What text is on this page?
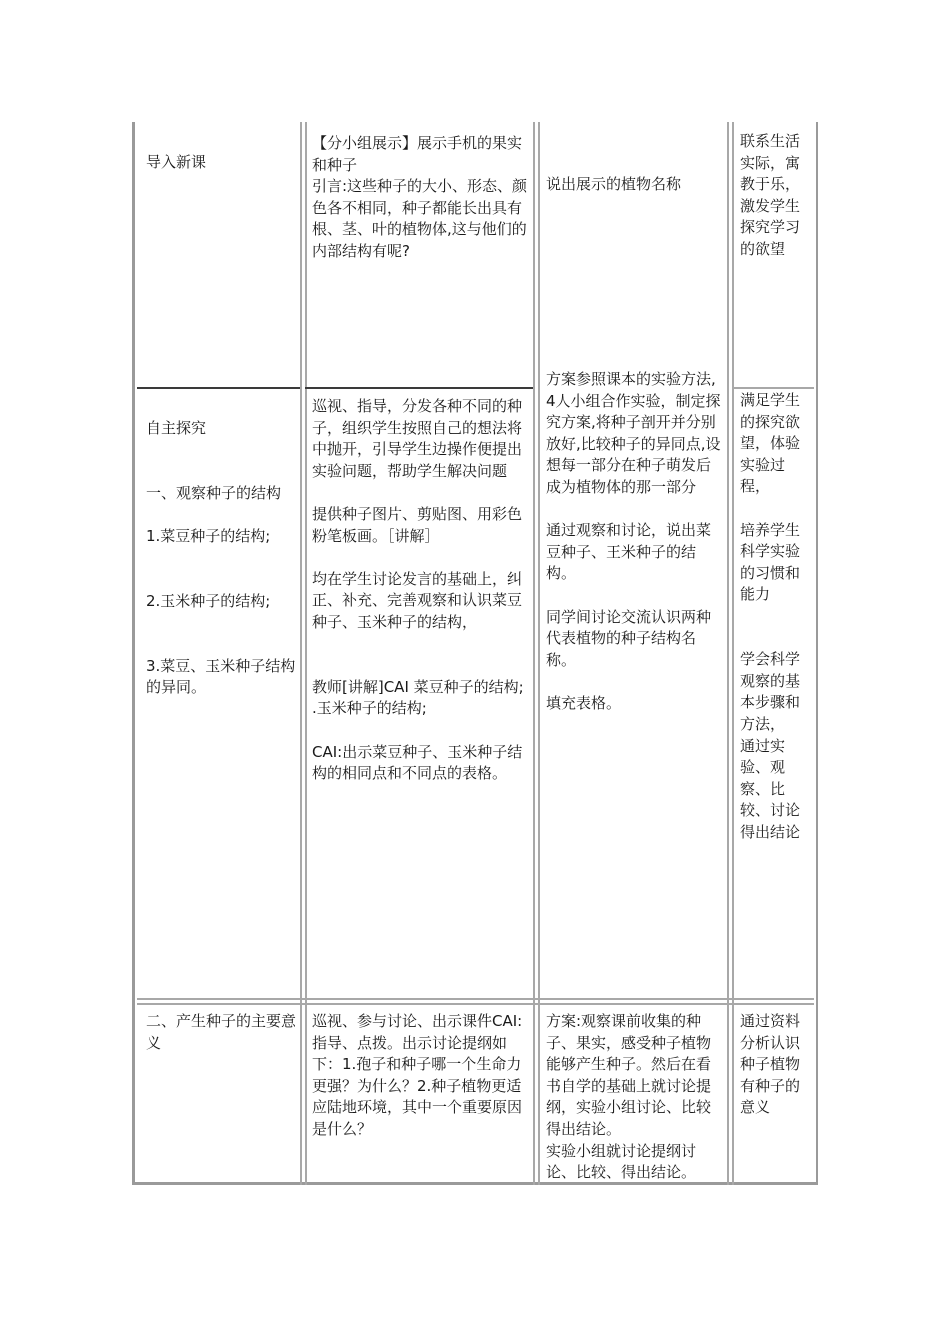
导入新课

【分小组展示】展示手机的果实和种子

引言:这些种子的大小、形态、颜色各不相同，种子都能长出具有根、茎、叶的植物体,这与他们的内部结构有呢?

说出展示的植物名称

联系生活实际，寓教于乐，激发学生探究学习的欲望

自主探究

一、观察种子的结构

1.菜豆种子的结构;

2.玉米种子的结构;

3.菜豆、玉米种子结构的异同。

巡视、指导，分发各种不同的种子，组织学生按照自己的想法将中抛开，引导学生边操作便提出实验问题，帮助学生解决问题

提供种子图片、剪贴图、用彩色粉笔板画。［讲解］

均在学生讨论发言的基础上，纠正、补充、完善观察和认识菜豆种子、玉米种子的结构，

教师[讲解]CAI 菜豆种子的结构;

.玉米种子的结构;

CAI:出示菜豆种子、玉米种子结构的相同点和不同点的表格。

方案参照课本的实验方法,

4人小组合作实验，制定探究方案,将种子剖开并分别放好,比较种子的异同点,设想每一部分在种子萌发后成为植物体的那一部分

通过观察和讨论，说出菜豆种子、王米种子的结构。

同学间讨论交流认识两种代表植物的种子结构名称。

填充表格。

满足学生的探究欲望，体验实验过程，

培养学生科学实验的习惯和能力

学会科学观察的基本步骤和方法，

通过实验、观察、比较、讨论得出结论

二、产生种子的主要意义

巡视、参与讨论、出示课件CAI:指导、点拨。出示讨论提纲如下：1.孢子和种子哪一个生命力更强？为什么？2.种子植物更适应陆地环境，其中一个重要原因是什么？

方案:观察课前收集的种子、果实，感受种子植物能够产生种子。然后在看书自学的基础上就讨论提纲，实验小组讨论、比较得出结论。

实验小组就讨论提纲讨论、比较、得出结论。

通过资料分析认识种子植物有种子的意义
